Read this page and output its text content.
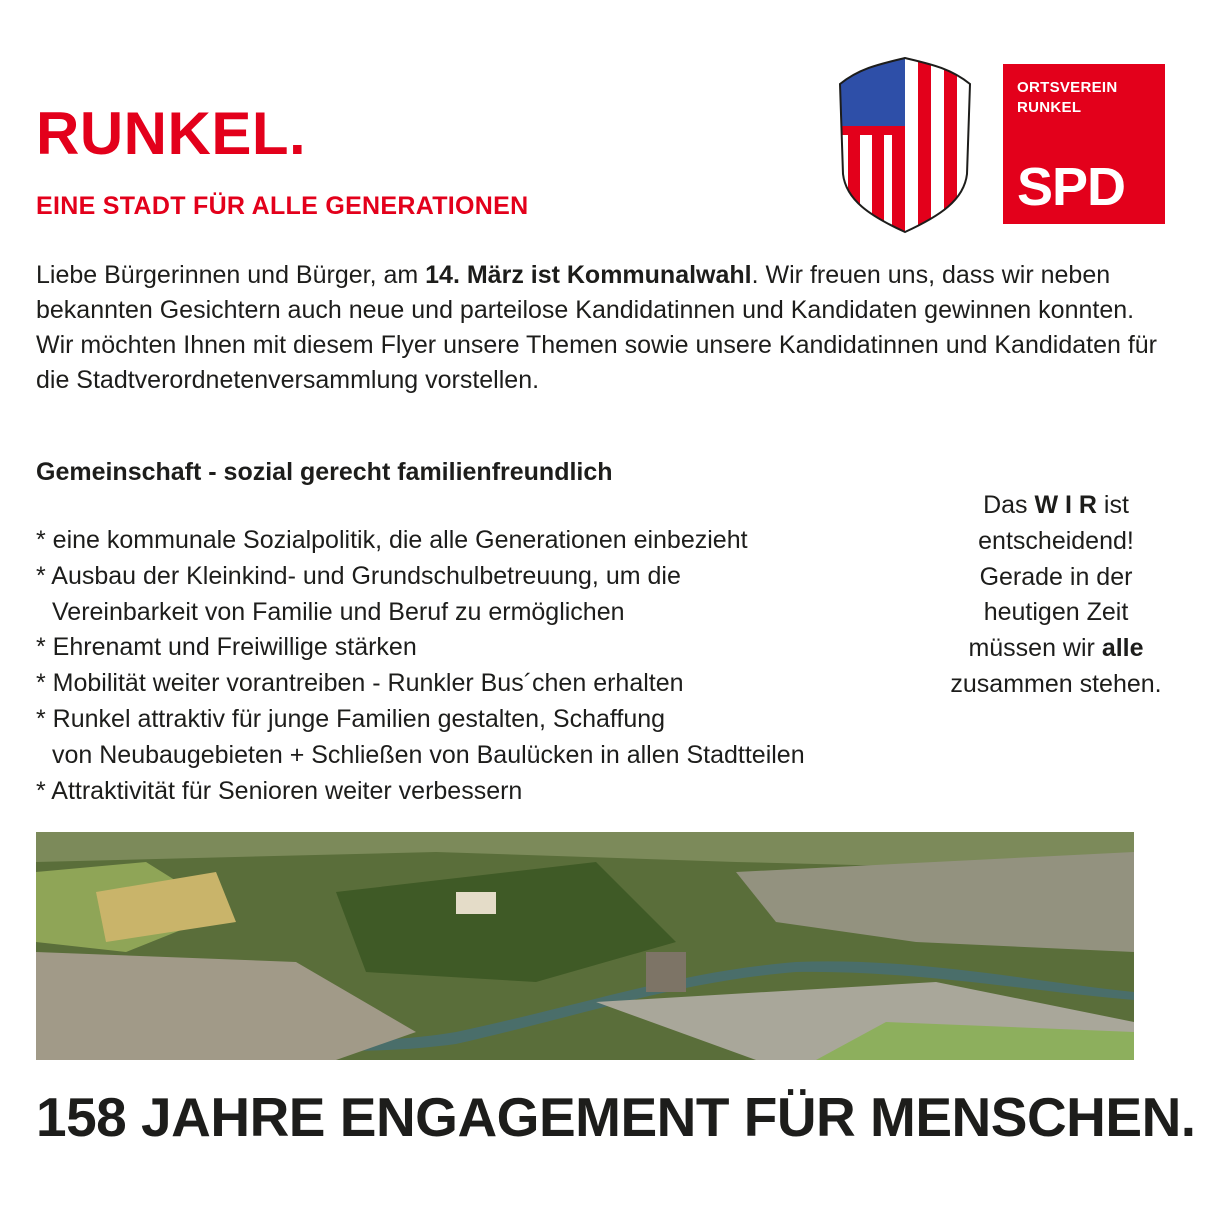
RUNKEL.
EINE STADT FÜR ALLE GENERATIONEN
ORTSVEREIN
RUNKEL
SPD

Liebe Bürgerinnen und Bürger, am 14. März ist Kommunalwahl. Wir freuen uns, dass wir neben bekannten Gesichtern auch neue und parteilose Kandidatinnen und Kandidaten gewinnen konnten. Wir möchten Ihnen mit diesem Flyer unsere Themen sowie unsere Kandidatinnen und Kandidaten für die Stadtverordnetenversammlung vorstellen.

Gemeinschaft - sozial gerecht familienfreundlich
* eine kommunale Sozialpolitik, die alle Generationen einbezieht
* Ausbau der Kleinkind- und Grundschulbetreuung, um die
Vereinbarkeit von Familie und Beruf zu ermöglichen
* Ehrenamt und Freiwillige stärken
* Mobilität weiter vorantreiben - Runkler Bus´chen erhalten
* Runkel attraktiv für junge Familien gestalten, Schaffung
von Neubaugebieten + Schließen von Baulücken in allen Stadtteilen
* Attraktivität für Senioren weiter verbessern

Das W I R ist entscheidend! Gerade in der heutigen Zeit müssen wir alle zusammen stehen.

158 JAHRE ENGAGEMENT FÜR MENSCHEN.
